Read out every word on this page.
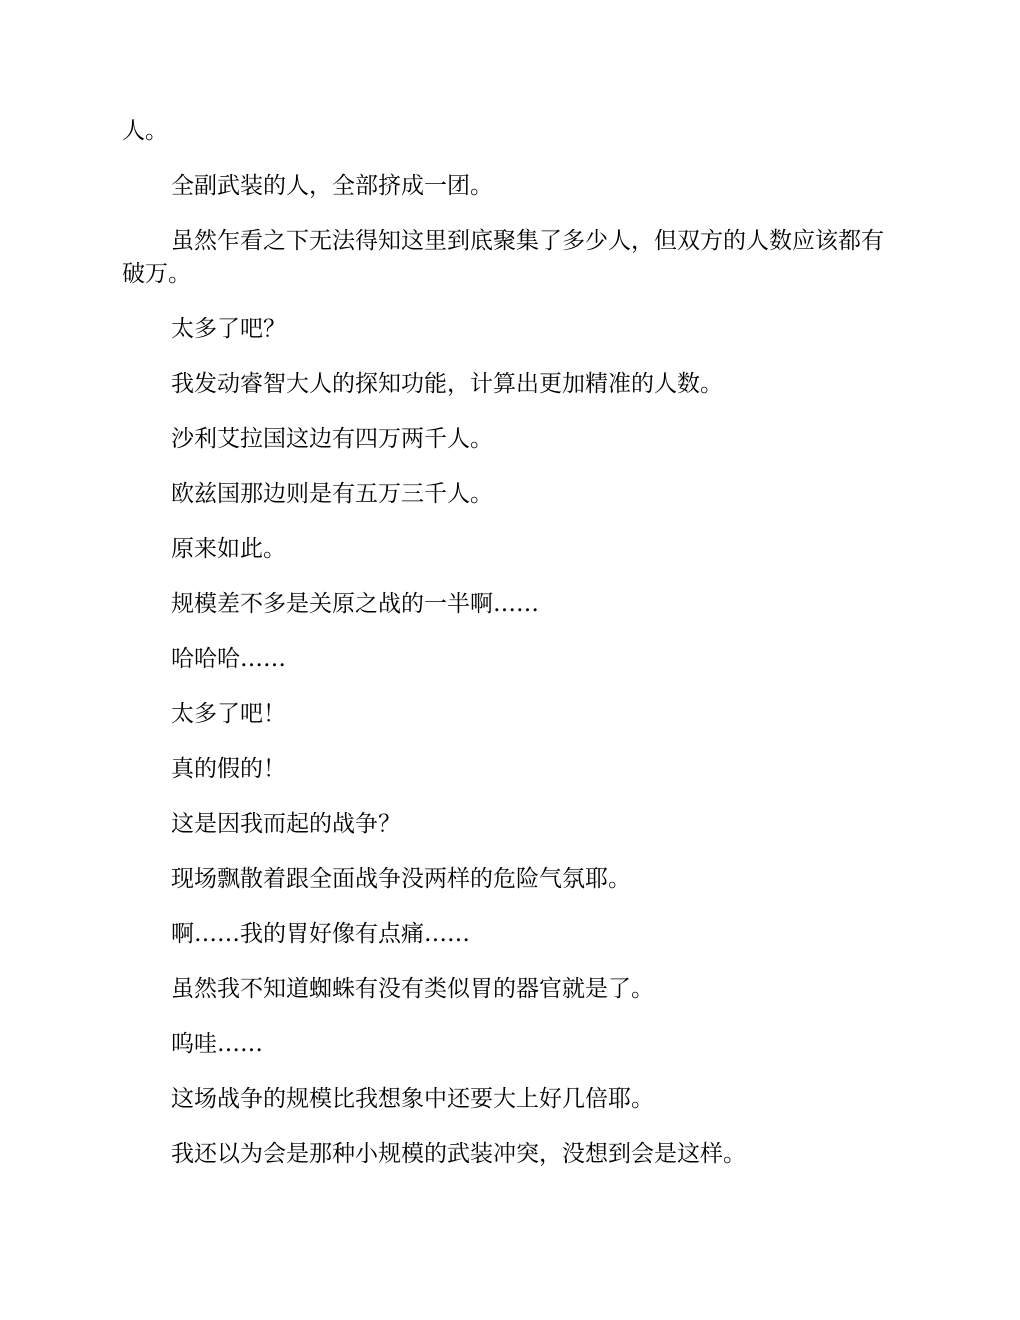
人。

全副武装的人，全部挤成一团。

虽然乍看之下无法得知这里到底聚集了多少人，但双方的人数应该都有破万。

太多了吧？

我发动睿智大人的探知功能，计算出更加精准的人数。

沙利艾拉国这边有四万两千人。

欧兹国那边则是有五万三千人。

原来如此。

规模差不多是关原之战的一半啊……

哈哈哈……

太多了吧！

真的假的！

这是因我而起的战争？

现场飘散着跟全面战争没两样的危险气氛耶。

啊……我的胃好像有点痛……

虽然我不知道蜘蛛有没有类似胃的器官就是了。

呜哇……

这场战争的规模比我想象中还要大上好几倍耶。

我还以为会是那种小规模的武装冲突，没想到会是这样。
